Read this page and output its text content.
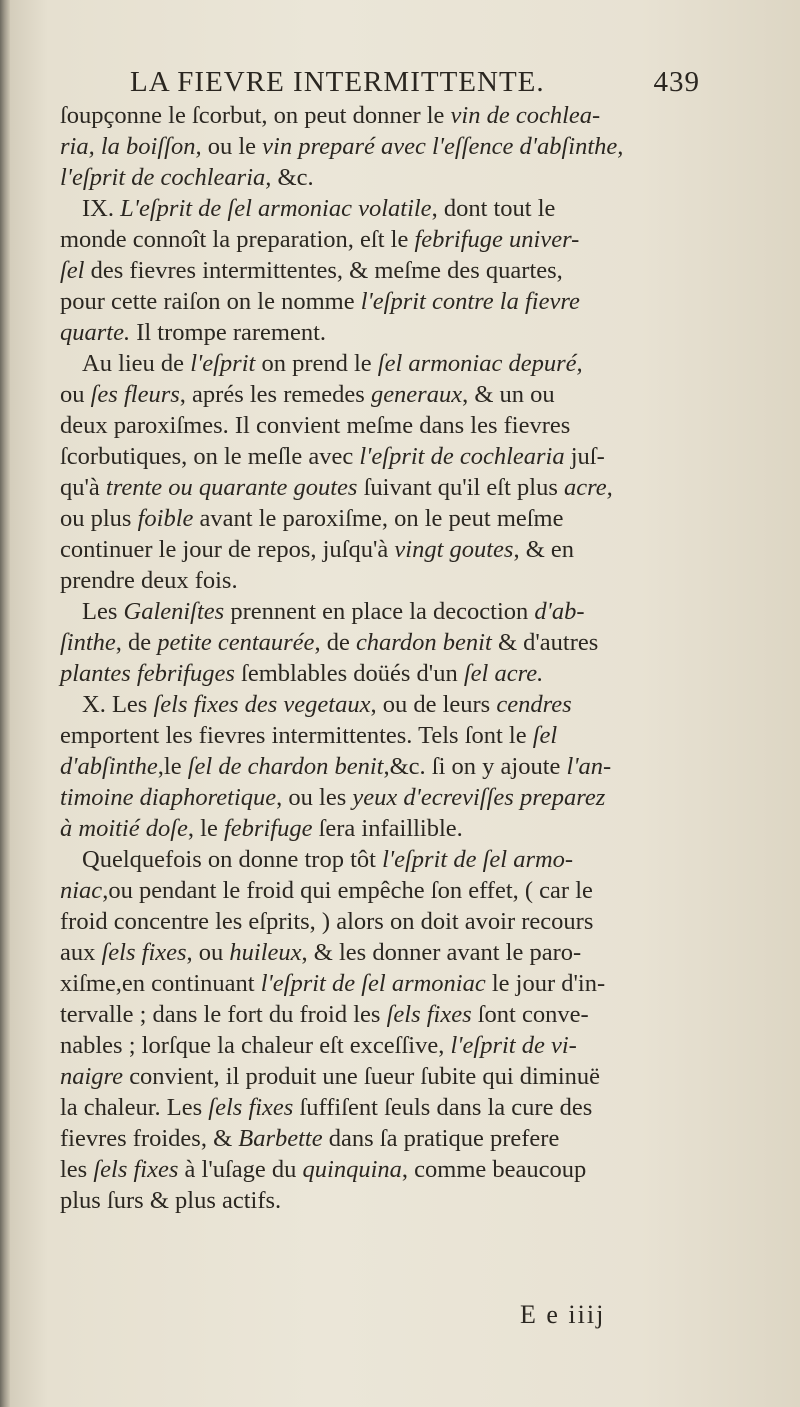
LA FIEVRE INTERMITTENTE.	439
ſoupçonne le ſcorbut, on peut donner le vin de cochlea-
ria, la boiſſon, ou le vin preparé avec l'eſſence d'abſinthe,
l'eſprit de cochlearia, &c.
IX. L'eſprit de ſel armoniac volatile, dont tout le
monde connoît la preparation, eſt le febrifuge univer-
ſel des fievres intermittentes, & meſme des quartes,
pour cette raiſon on le nomme l'eſprit contre la fievre
quarte. Il trompe rarement.
Au lieu de l'eſprit on prend le ſel armoniac depuré,
ou ſes fleurs, aprés les remedes generaux, & un ou
deux paroxiſmes. Il convient meſme dans les fievres
ſcorbutiques, on le meſle avec l'eſprit de cochlearia juſ-
qu'à trente ou quarante goutes ſuivant qu'il eſt plus acre,
ou plus foible avant le paroxiſme, on le peut meſme
continuer le jour de repos, juſqu'à vingt goutes, & en
prendre deux fois.
Les Galeniſtes prennent en place la decoction d'ab-
ſinthe, de petite centaurée, de chardon benit & d'autres
plantes febrifuges ſemblables doüés d'un ſel acre.
X. Les ſels fixes des vegetaux, ou de leurs cendres
emportent les fievres intermittentes. Tels ſont le ſel
d'abſinthe,le ſel de chardon benit,&c. ſi on y ajoute l'an-
timoine diaphoretique, ou les yeux d'ecreviſſes preparez
à moitié doſe, le febrifuge ſera infaillible.
Quelquefois on donne trop tôt l'eſprit de ſel armo-
niac,ou pendant le froid qui empêche ſon effet, ( car le
froid concentre les eſprits, ) alors on doit avoir recours
aux ſels fixes, ou huileux, & les donner avant le paro-
xiſme,en continuant l'eſprit de ſel armoniac le jour d'in-
tervalle ; dans le fort du froid les ſels fixes ſont conve-
nables ; lorſque la chaleur eſt exceſſive, l'eſprit de vi-
naigre convient, il produit une ſueur ſubite qui diminuë
la chaleur. Les ſels fixes ſuffiſent ſeuls dans la cure des
fievres froides, & Barbette dans ſa pratique prefere
les ſels fixes à l'uſage du quinquina, comme beaucoup
plus ſurs & plus actifs.
E e iiij
